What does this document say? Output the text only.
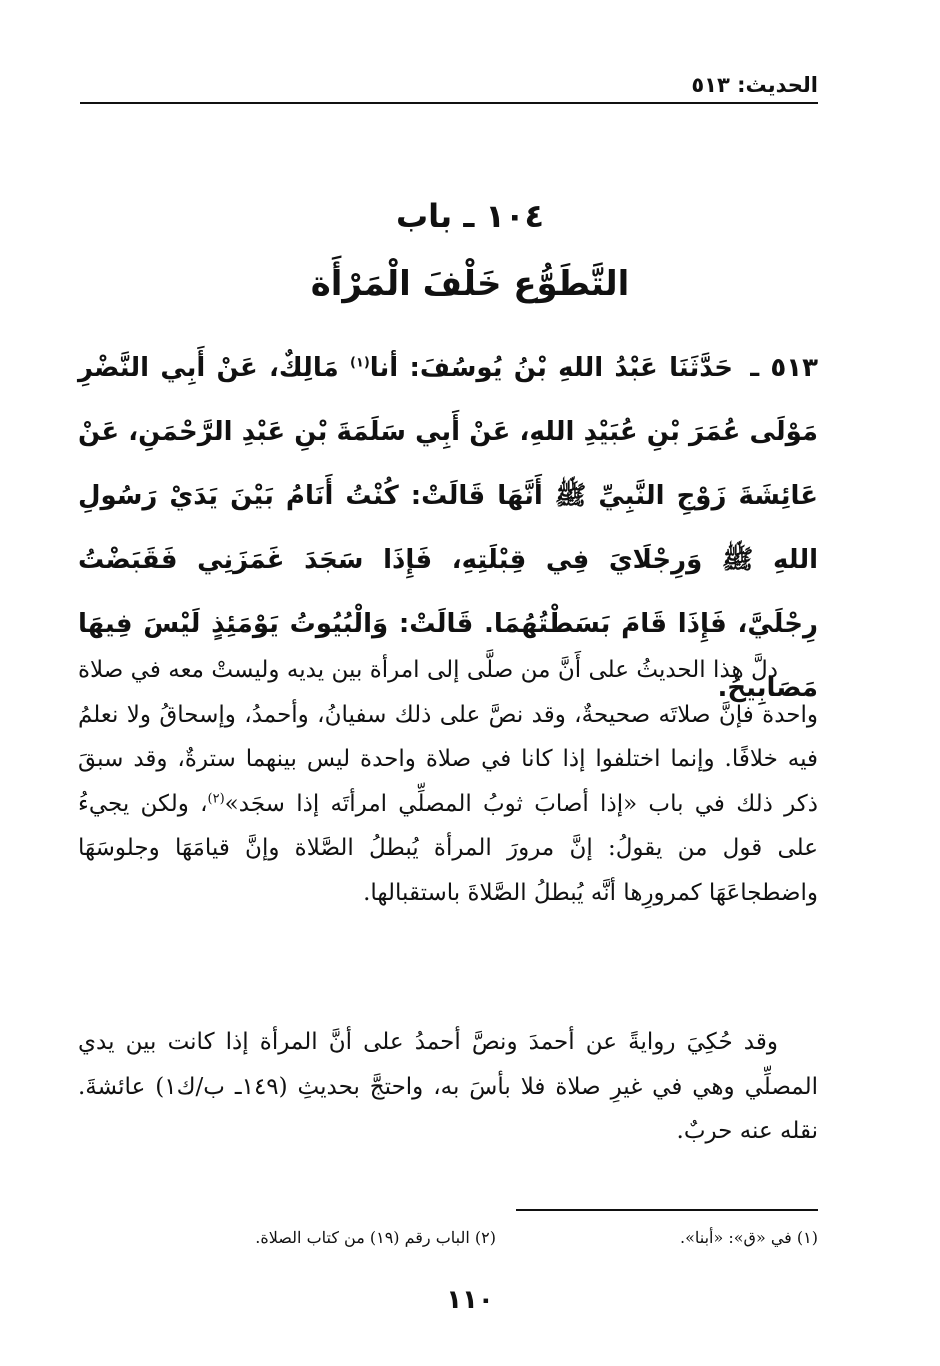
الحديث: ٥١٣
١٠٤ ـ باب
التَّطَوُّع خَلْفَ الْمَرْأَة
٥١٣ ـ حَدَّثَنَا عَبْدُ اللهِ بْنُ يُوسُفَ: أنا$^{(١)}$ مَالِكٌ، عَنْ أَبِي النَّضْرِ مَوْلَى عُمَرَ بْنِ عُبَيْدِ اللهِ، عَنْ أَبِي سَلَمَةَ بْنِ عَبْدِ الرَّحْمَنِ، عَنْ عَائِشَةَ زَوْجِ النَّبِيِّ ﷺ أَنَّهَا قَالَتْ: كُنْتُ أَنَامُ بَيْنَ يَدَيْ رَسُولِ اللهِ ﷺ وَرِجْلَايَ فِي قِبْلَتِهِ، فَإِذَا سَجَدَ غَمَزَنِي فَقَبَضْتُ رِجْلَيَّ، فَإِذَا قَامَ بَسَطْتُهُمَا. قَالَتْ: وَالْبُيُوتُ يَوْمَئِذٍ لَيْسَ فِيهَا مَصَابِيحُ.
دلَّ هذا الحديثُ على أَنَّ من صلَّى إلى امرأة بين يديه وليستْ معه في صلاة واحدة فإنَّ صلاتَه صحيحةٌ، وقد نصَّ على ذلك سفيانُ، وأحمدُ، وإسحاقُ ولا نعلمُ فيه خلافًا. وإنما اختلفوا إذا كانا في صلاة واحدة ليس بينهما سترةٌ، وقد سبقَ ذكر ذلك في باب «إذا أصابَ ثوبُ المصلِّي امرأتَه إذا سجَد»$^{(٢)}$، ولكن يجيءُ على قول من يقولُ: إنَّ مرورَ المرأة يُبطلُ الصَّلاة وإنَّ قيامَهَا وجلوسَهَا واضطجاعَهَا كمرورِها أنَّه يُبطلُ الصَّلاةَ باستقبالها.
وقد حُكِيَ روايةً عن أحمدَ ونصَّ أحمدُ على أنَّ المرأة إذا كانت بين يدي المصلِّي وهي في غيرِ صلاة فلا بأسَ به، واحتجَّ بحديثِ (١٤٩ـ ب/ك١) عائشةَ. نقله عنه حربٌ.
(١) في «ق»: «أبنا».
(٢) الباب رقم (١٩) من كتاب الصلاة.
١١٠
